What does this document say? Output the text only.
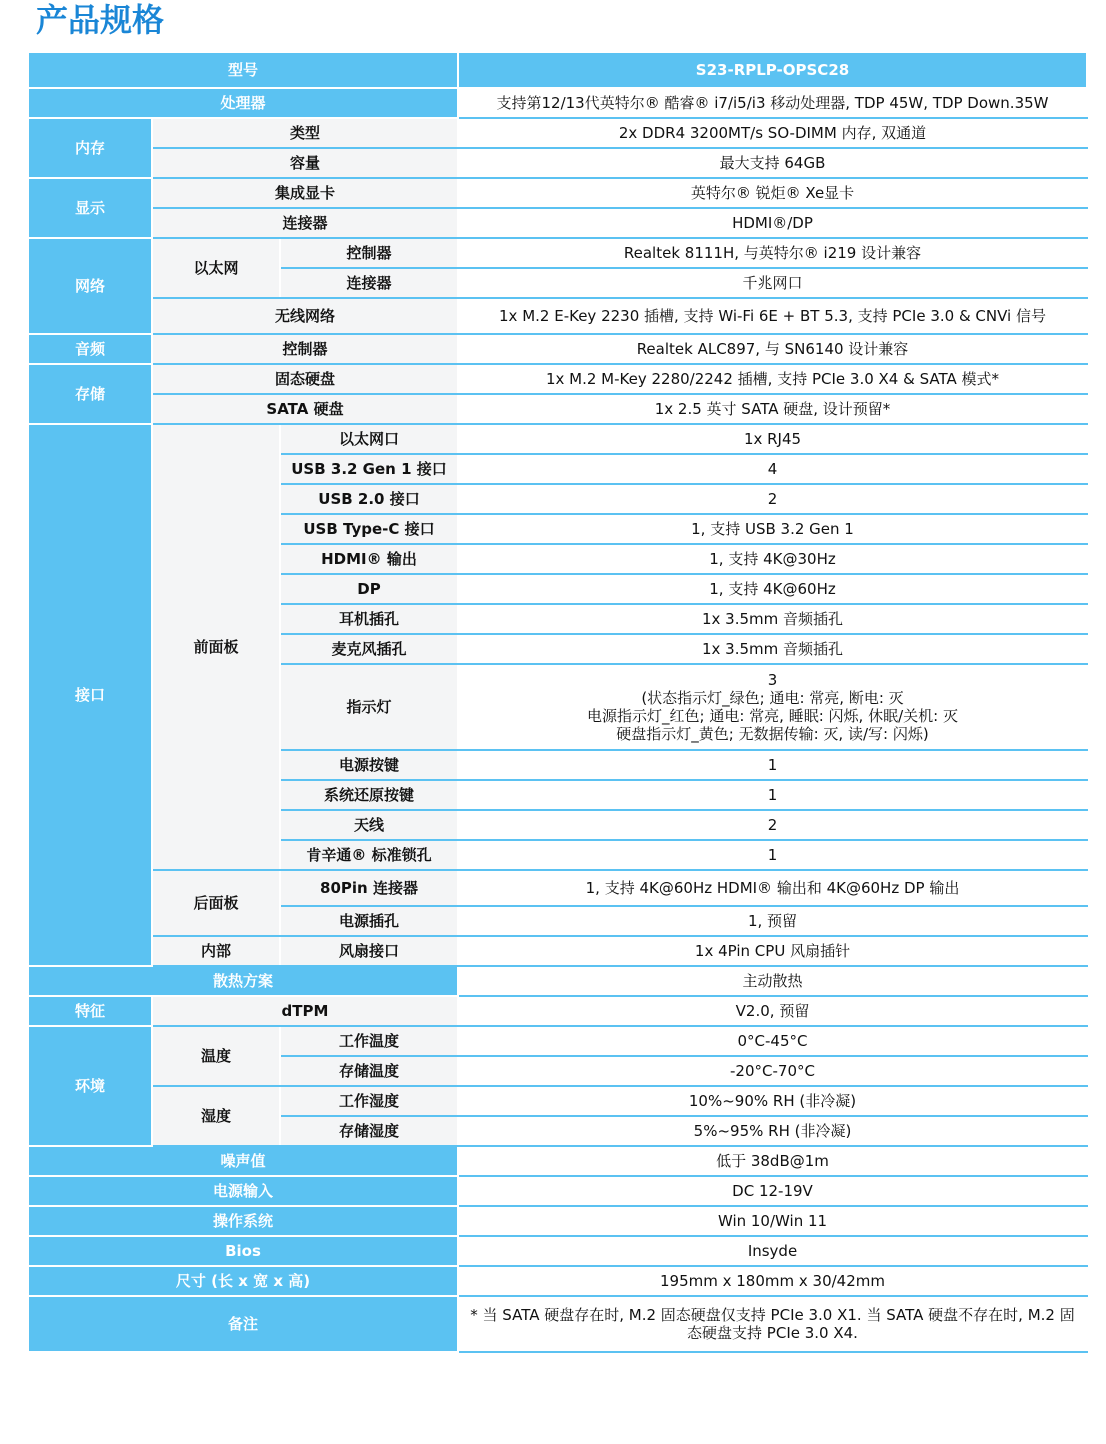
产品规格
型号			S23-RPLP-OPSC28
处理器			支持第12/13代英特尔® 酷睿® i7/i5/i3 移动处理器, TDP 45W, TDP Down.35W
内存	类型		2x DDR4 3200MT/s SO-DIMM 内存, 双通道
	容量		最大支持 64GB
显示	集成显卡		英特尔® 锐炬® Xe显卡
	连接器		HDMI®/DP
网络	以太网	控制器	Realtek 8111H, 与英特尔® i219 设计兼容
		连接器	千兆网口
	无线网络		1x M.2 E-Key 2230 插槽, 支持 Wi-Fi 6E + BT 5.3, 支持 PCIe 3.0 & CNVi 信号
音频	控制器		Realtek ALC897, 与 SN6140 设计兼容
存储	固态硬盘		1x M.2 M-Key 2280/2242 插槽, 支持 PCIe 3.0 X4 & SATA 模式*
	SATA 硬盘		1x 2.5 英寸 SATA 硬盘, 设计预留*
接口	前面板	以太网口	1x RJ45
		USB 3.2 Gen 1 接口	4
		USB 2.0 接口	2
		USB Type-C 接口	1, 支持 USB 3.2 Gen 1
		HDMI® 输出	1, 支持 4K@30Hz
		DP	1, 支持 4K@60Hz
		耳机插孔	1x 3.5mm 音频插孔
		麦克风插孔	1x 3.5mm 音频插孔
		指示灯	3
(状态指示灯_绿色; 通电: 常亮, 断电: 灭
电源指示灯_红色; 通电: 常亮, 睡眠: 闪烁, 休眠/关机: 灭
硬盘指示灯_黄色; 无数据传输: 灭, 读/写: 闪烁)
		电源按键	1
		系统还原按键	1
		天线	2
		肯辛通® 标准锁孔	1
	后面板	80Pin 连接器	1, 支持 4K@60Hz HDMI® 输出和 4K@60Hz DP 输出
		电源插孔	1, 预留
	内部	风扇接口	1x 4Pin CPU 风扇插针
散热方案			主动散热
特征	dTPM		V2.0, 预留
环境	温度	工作温度	0°C-45°C
		存储温度	-20°C-70°C
	湿度	工作湿度	10%~90% RH (非冷凝)
		存储湿度	5%~95% RH (非冷凝)
噪声值			低于 38dB@1m
电源输入			DC 12-19V
操作系统			Win 10/Win 11
Bios			Insyde
尺寸 (长 x 宽 x 高)			195mm x 180mm x 30/42mm
备注			* 当 SATA 硬盘存在时, M.2 固态硬盘仅支持 PCIe 3.0 X1. 当 SATA 硬盘不存在时, M.2 固态硬盘支持 PCIe 3.0 X4.
